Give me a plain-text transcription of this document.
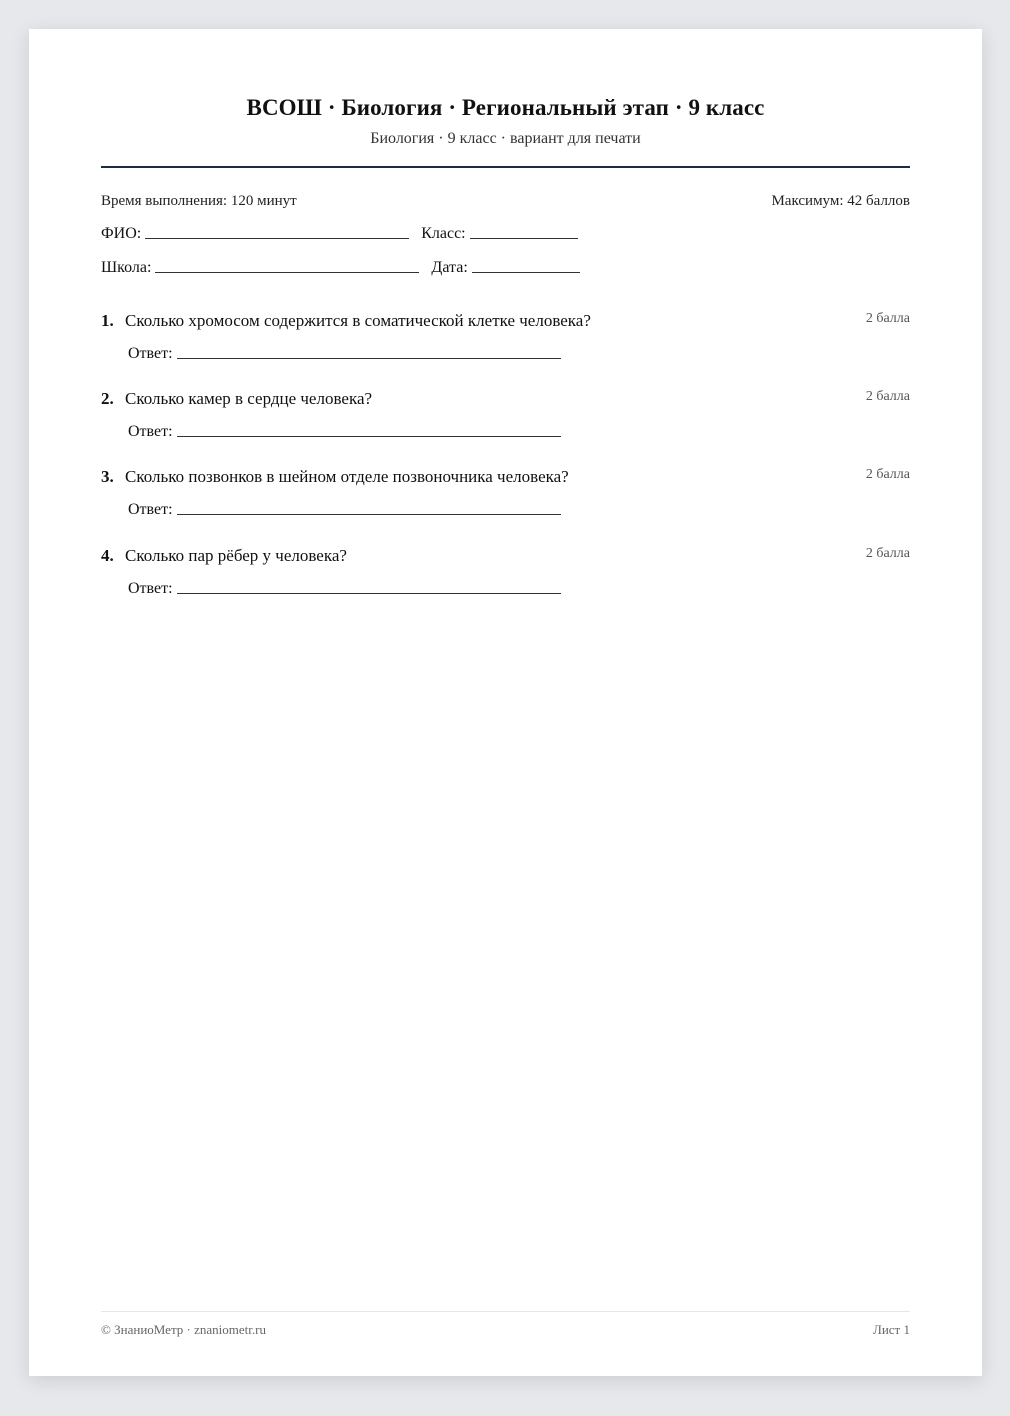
ВСОШ · Биология · Региональный этап · 9 класс

Биология · 9 класс · вариант для печати

Время выполнения: 120 минут	Максимум: 42 баллов
ФИО:	Класс:
Школа:	Дата:
1. Сколько хромосом содержится в соматической клетке человека?	2 балла
Ответ:
2. Сколько камер в сердце человека?	2 балла
Ответ:
3. Сколько позвонков в шейном отделе позвоночника человека?	2 балла
Ответ:
4. Сколько пар рёбер у человека?	2 балла
Ответ:
© ЗнаниоМетр · znaniometr.ru	Лист 1
